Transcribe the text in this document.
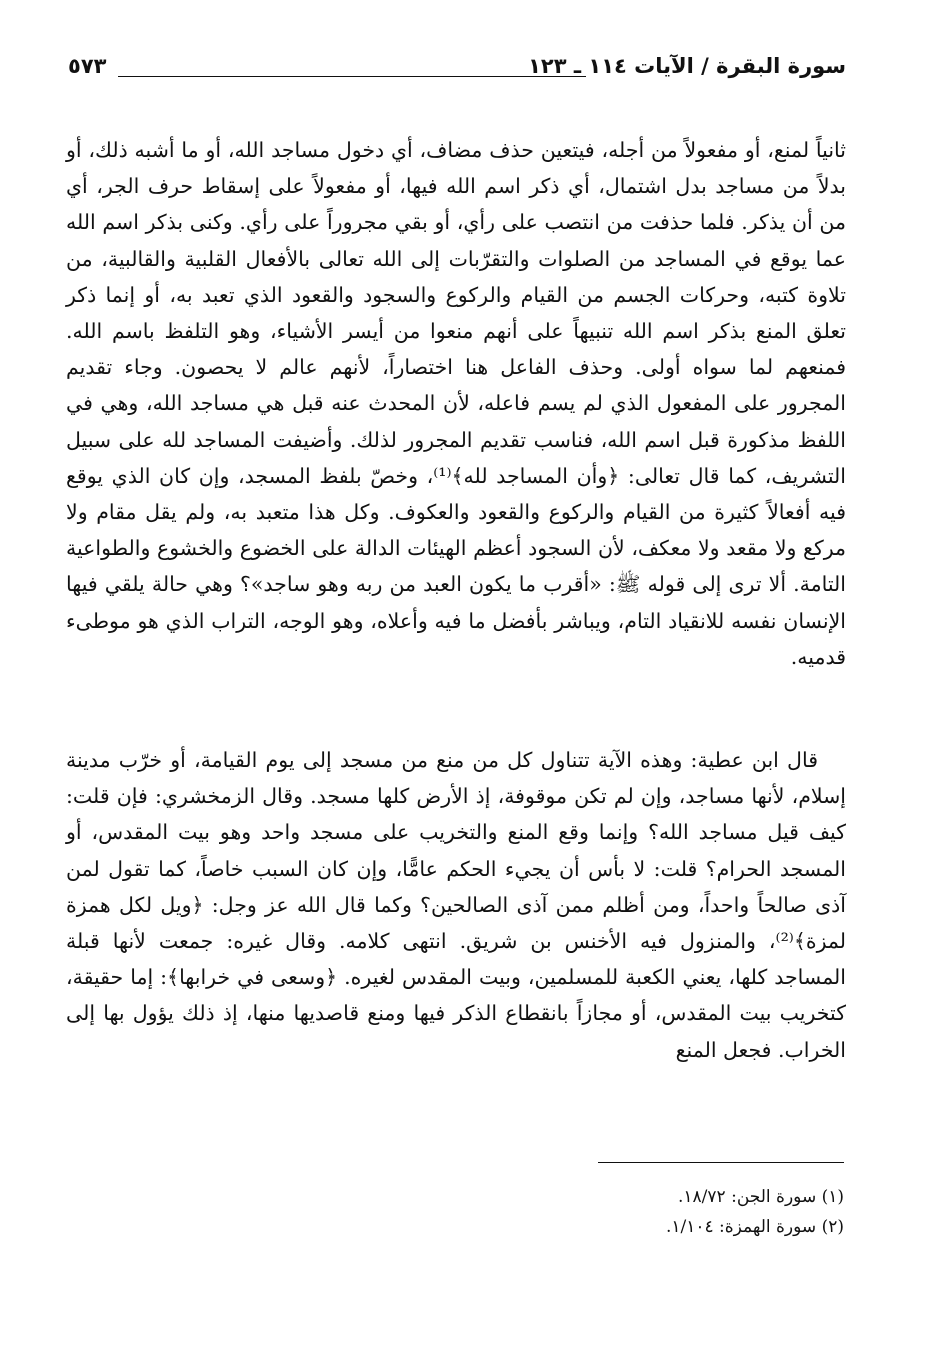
سورة البقرة / الآيات ١١٤ ـ ١٢٣
٥٧٣

ثانياً لمنع، أو مفعولاً من أجله، فيتعين حذف مضاف، أي دخول مساجد الله، أو ما أشبه ذلك، أو بدلاً من مساجد بدل اشتمال، أي ذكر اسم الله فيها، أو مفعولاً على إسقاط حرف الجر، أي من أن يذكر. فلما حذفت من انتصب على رأي، أو بقي مجروراً على رأي. وكنى بذكر اسم الله عما يوقع في المساجد من الصلوات والتقرّبات إلى الله تعالى بالأفعال القلبية والقالبية، من تلاوة كتبه، وحركات الجسم من القيام والركوع والسجود والقعود الذي تعبد به، أو إنما ذكر تعلق المنع بذكر اسم الله تنبيهاً على أنهم منعوا من أيسر الأشياء، وهو التلفظ باسم الله. فمنعهم لما سواه أولى. وحذف الفاعل هنا اختصاراً، لأنهم عالم لا يحصون. وجاء تقديم المجرور على المفعول الذي لم يسم فاعله، لأن المحدث عنه قبل هي مساجد الله، وهي في اللفظ مذكورة قبل اسم الله، فناسب تقديم المجرور لذلك. وأضيفت المساجد لله على سبيل التشريف، كما قال تعالى: ﴿وأن المساجد لله﴾⁽¹⁾، وخصّ بلفظ المسجد، وإن كان الذي يوقع فيه أفعالاً كثيرة من القيام والركوع والقعود والعكوف. وكل هذا متعبد به، ولم يقل مقام ولا مركع ولا مقعد ولا معكف، لأن السجود أعظم الهيئات الدالة على الخضوع والخشوع والطواعية التامة. ألا ترى إلى قوله ﷺ: «أقرب ما يكون العبد من ربه وهو ساجد»؟ وهي حالة يلقي فيها الإنسان نفسه للانقياد التام، ويباشر بأفضل ما فيه وأعلاه، وهو الوجه، التراب الذي هو موطىء قدميه.

قال ابن عطية: وهذه الآية تتناول كل من منع من مسجد إلى يوم القيامة، أو خرّب مدينة إسلام، لأنها مساجد، وإن لم تكن موقوفة، إذ الأرض كلها مسجد. وقال الزمخشري: فإن قلت: كيف قيل مساجد الله؟ وإنما وقع المنع والتخريب على مسجد واحد وهو بيت المقدس، أو المسجد الحرام؟ قلت: لا بأس أن يجيء الحكم عامًّا، وإن كان السبب خاصاً، كما تقول لمن آذى صالحاً واحداً، ومن أظلم ممن آذى الصالحين؟ وكما قال الله عز وجل: ﴿ويل لكل همزة لمزة﴾⁽²⁾، والمنزول فيه الأخنس بن شريق. انتهى كلامه. وقال غيره: جمعت لأنها قبلة المساجد كلها، يعني الكعبة للمسلمين، وبيت المقدس لغيره. ﴿وسعى في خرابها﴾: إما حقيقة، كتخريب بيت المقدس، أو مجازاً بانقطاع الذكر فيها ومنع قاصديها منها، إذ ذلك يؤول بها إلى الخراب. فجعل المنع

(١) سورة الجن: ١٨/٧٢.
(٢) سورة الهمزة: ١/١٠٤.
